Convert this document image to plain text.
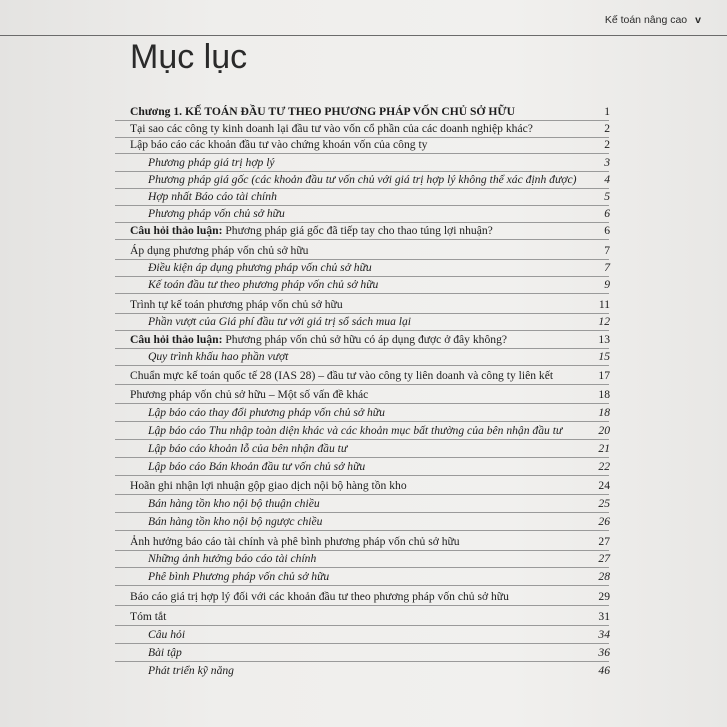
Kế toán nâng cao v
Mục lục
Chương 1. KẾ TOÁN ĐẦU TƯ THEO PHƯƠNG PHÁP VỐN CHỦ SỞ HỮU	1
Tại sao các công ty kinh doanh lại đầu tư vào vốn cổ phần của các doanh nghiệp khác?	2
Lập báo cáo các khoản đầu tư vào chứng khoán vốn của công ty	2
Phương pháp giá trị hợp lý	3
Phương pháp giá gốc (các khoản đầu tư vốn chủ với giá trị hợp lý không thể xác định được)	4
Hợp nhất Báo cáo tài chính	5
Phương pháp vốn chủ sở hữu	6
Câu hỏi thảo luận: Phương pháp giá gốc đã tiếp tay cho thao túng lợi nhuận?	6
Áp dụng phương pháp vốn chủ sở hữu	7
Điều kiện áp dụng phương pháp vốn chủ sở hữu	7
Kế toán đầu tư theo phương pháp vốn chủ sở hữu	9
Trình tự kế toán phương pháp vốn chủ sở hữu	11
Phần vượt của Giá phí đầu tư với giá trị sổ sách mua lại	12
Câu hỏi thảo luận: Phương pháp vốn chủ sở hữu có áp dụng được ở đây không?	13
Quy trình khấu hao phần vượt	15
Chuẩn mực kế toán quốc tế 28 (IAS 28) – đầu tư vào công ty liên doanh và công ty liên kết	17
Phương pháp vốn chủ sở hữu – Một số vấn đề khác	18
Lập báo cáo thay đổi phương pháp vốn chủ sở hữu	18
Lập báo cáo Thu nhập toàn diện khác và các khoản mục bất thường của bên nhận đầu tư	20
Lập báo cáo khoản lỗ của bên nhận đầu tư	21
Lập báo cáo Bán khoản đầu tư vốn chủ sở hữu	22
Hoãn ghi nhận lợi nhuận gộp giao dịch nội bộ hàng tồn kho	24
Bán hàng tồn kho nội bộ thuận chiều	25
Bán hàng tồn kho nội bộ ngược chiều	26
Ảnh hưởng báo cáo tài chính và phê bình phương pháp vốn chủ sở hữu	27
Những ảnh hưởng báo cáo tài chính	27
Phê bình Phương pháp vốn chủ sở hữu	28
Báo cáo giá trị hợp lý đối với các khoản đầu tư theo phương pháp vốn chủ sở hữu	29
Tóm tắt	31
Câu hỏi	34
Bài tập	36
Phát triển kỹ năng	46
